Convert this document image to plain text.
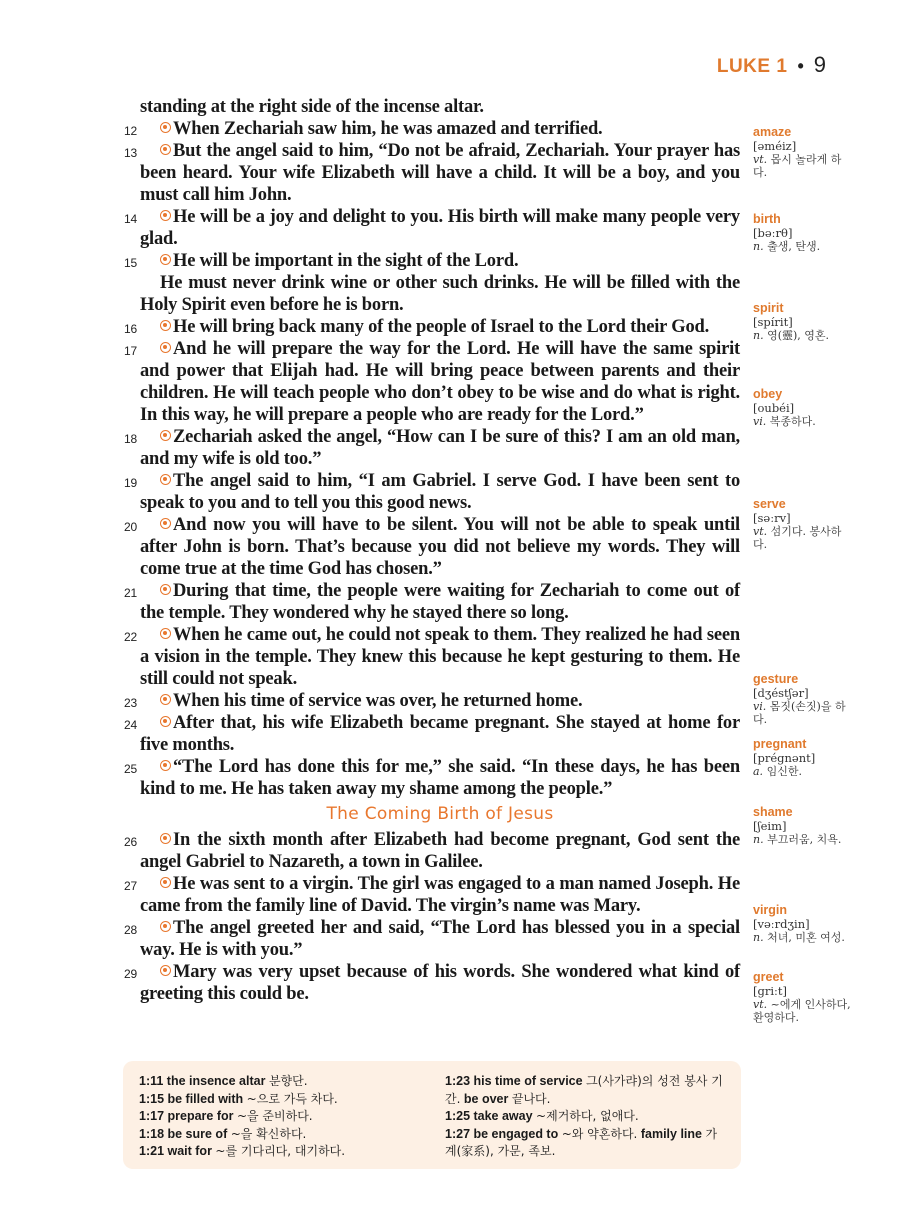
LUKE 1 • 9

standing at the right side of the incense altar.

12 When Zechariah saw him, he was amazed and terrified.

13 But the angel said to him, “Do not be afraid, Zechariah. Your prayer has been heard. Your wife Elizabeth will have a child. It will be a boy, and you must call him John.

14 He will be a joy and delight to you. His birth will make many people very glad.

15 He will be important in the sight of the Lord.

He must never drink wine or other such drinks. He will be filled with the Holy Spirit even before he is born.

16 He will bring back many of the people of Israel to the Lord their God.

17 And he will prepare the way for the Lord. He will have the same spirit and power that Elijah had. He will bring peace between parents and their children. He will teach people who don’t obey to be wise and do what is right. In this way, he will prepare a people who are ready for the Lord.”

18 Zechariah asked the angel, “How can I be sure of this? I am an old man, and my wife is old too.”

19 The angel said to him, “I am Gabriel. I serve God. I have been sent to speak to you and to tell you this good news.

20 And now you will have to be silent. You will not be able to speak until after John is born. That’s because you did not believe my words. They will come true at the time God has chosen.”

21 During that time, the people were waiting for Zechariah to come out of the temple. They wondered why he stayed there so long.

22 When he came out, he could not speak to them. They realized he had seen a vision in the temple. They knew this because he kept gesturing to them. He still could not speak.

23 When his time of service was over, he returned home.

24 After that, his wife Elizabeth became pregnant. She stayed at home for five months.

25 “The Lord has done this for me,” she said. “In these days, he has been kind to me. He has taken away my shame among the people.”

The Coming Birth of Jesus

26 In the sixth month after Elizabeth had become pregnant, God sent the angel Gabriel to Nazareth, a town in Galilee.

27 He was sent to a virgin. The girl was engaged to a man named Joseph. He came from the family line of David. The virgin’s name was Mary.

28 The angel greeted her and said, “The Lord has blessed you in a special way. He is with you.”

29 Mary was very upset because of his words. She wondered what kind of greeting this could be.

amaze
[əméiz]
vt. 몹시 놀라게 하다.
birth
[bəːrθ]
n. 출생, 탄생.
spirit
[spírit]
n. 영(靈), 영혼.
obey
[oubéi]
vi. 복종하다.
serve
[səːrv]
vt. 섬기다. 봉사하다.
gesture
[dʒéstʃər]
vi. 몸짓(손짓)을 하다.
pregnant
[prégnənt]
a. 임신한.
shame
[ʃeim]
n. 부끄러움, 치욕.
virgin
[vəːrdʒin]
n. 처녀, 미혼 여성.
greet
[griːt]
vt. ~에게 인사하다, 환영하다.
1:11 the insence altar 분향단.
1:15 be filled with ~으로 가득 차다.
1:17 prepare for ~을 준비하다.
1:18 be sure of ~을 확신하다.
1:21 wait for ~를 기다리다, 대기하다.
1:23 his time of service 그(사가랴)의 성전 봉사 기간. be over 끝나다.
1:25 take away ~제거하다, 없애다.
1:27 be engaged to ~와 약혼하다. family line 가계(家系), 가문, 족보.
